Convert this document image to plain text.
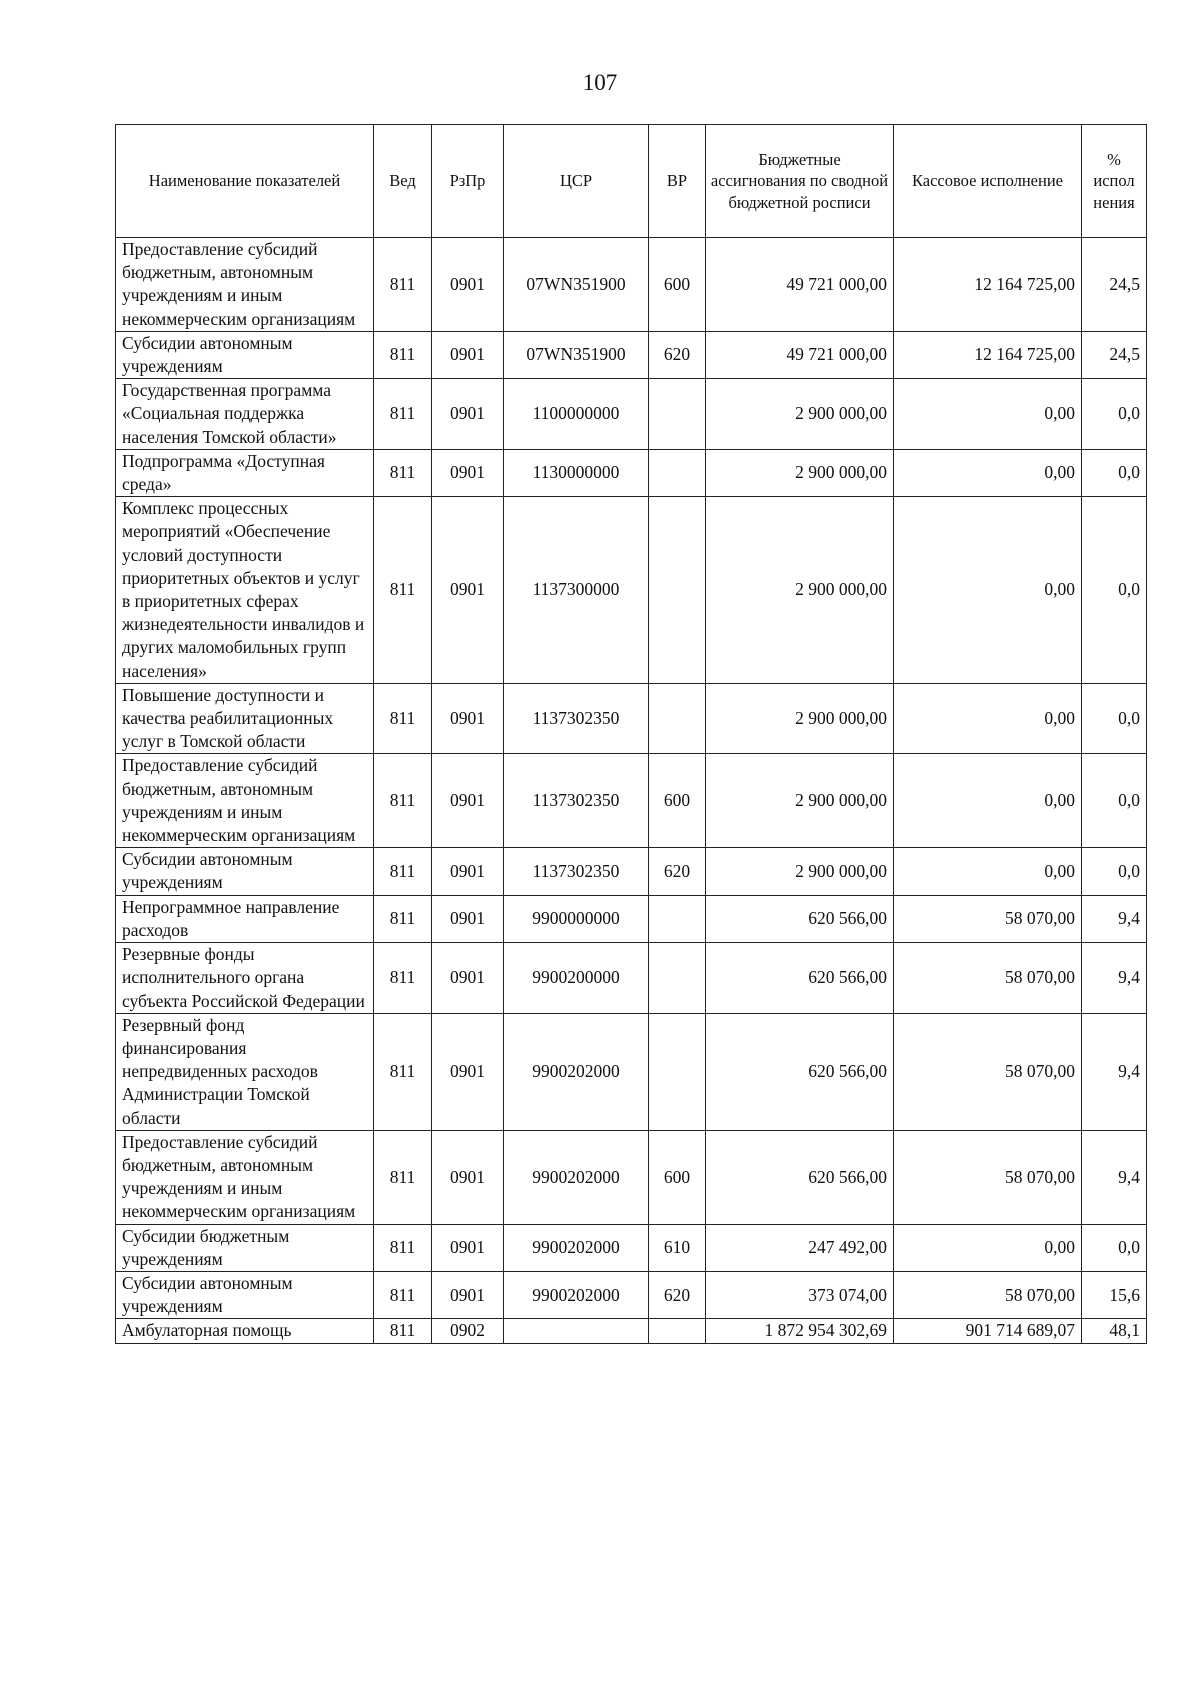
107
Наименование показателей	Вед	РзПр	ЦСР	ВР	Бюджетные ассигнования по сводной бюджетной росписи	Кассовое исполнение	% испол нения
Предоставление субсидий бюджетным, автономным учреждениям и иным некоммерческим организациям	811	0901	07WN351900	600	49 721 000,00	12 164 725,00	24,5
Субсидии автономным учреждениям	811	0901	07WN351900	620	49 721 000,00	12 164 725,00	24,5
Государственная программа «Социальная поддержка населения Томской области»	811	0901	1100000000		2 900 000,00	0,00	0,0
Подпрограмма «Доступная среда»	811	0901	1130000000		2 900 000,00	0,00	0,0
Комплекс процессных мероприятий «Обеспечение условий доступности приоритетных объектов и услуг в приоритетных сферах жизнедеятельности инвалидов и других маломобильных групп населения»	811	0901	1137300000		2 900 000,00	0,00	0,0
Повышение доступности и качества реабилитационных услуг в Томской области	811	0901	1137302350		2 900 000,00	0,00	0,0
Предоставление субсидий бюджетным, автономным учреждениям и иным некоммерческим организациям	811	0901	1137302350	600	2 900 000,00	0,00	0,0
Субсидии автономным учреждениям	811	0901	1137302350	620	2 900 000,00	0,00	0,0
Непрограммное направление расходов	811	0901	9900000000		620 566,00	58 070,00	9,4
Резервные фонды исполнительного органа субъекта Российской Федерации	811	0901	9900200000		620 566,00	58 070,00	9,4
Резервный фонд финансирования непредвиденных расходов Администрации Томской области	811	0901	9900202000		620 566,00	58 070,00	9,4
Предоставление субсидий бюджетным, автономным учреждениям и иным некоммерческим организациям	811	0901	9900202000	600	620 566,00	58 070,00	9,4
Субсидии бюджетным учреждениям	811	0901	9900202000	610	247 492,00	0,00	0,0
Субсидии автономным учреждениям	811	0901	9900202000	620	373 074,00	58 070,00	15,6
Амбулаторная помощь	811	0902			1 872 954 302,69	901 714 689,07	48,1
